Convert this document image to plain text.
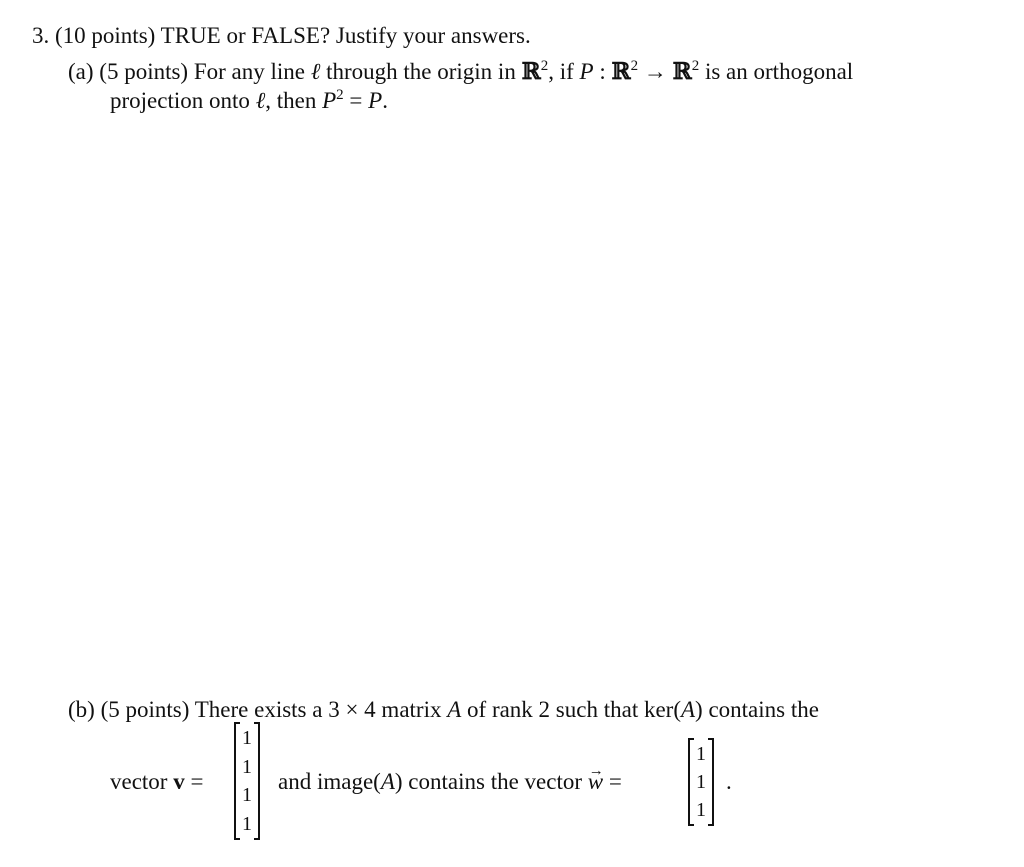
3. (10 points) TRUE or FALSE? Justify your answers.
(a) (5 points) For any line ℓ through the origin in ℝ$^2$, if P : ℝ$^2$ → ℝ$^2$ is an orthogonal
projection onto ℓ, then $P^2 = P$.
(b) (5 points) There exists a 3 × 4 matrix A of rank 2 such that ker(A) contains the
vector v =
1
1
1
1
and image(A) contains the vector → w =
1
1
1
.
